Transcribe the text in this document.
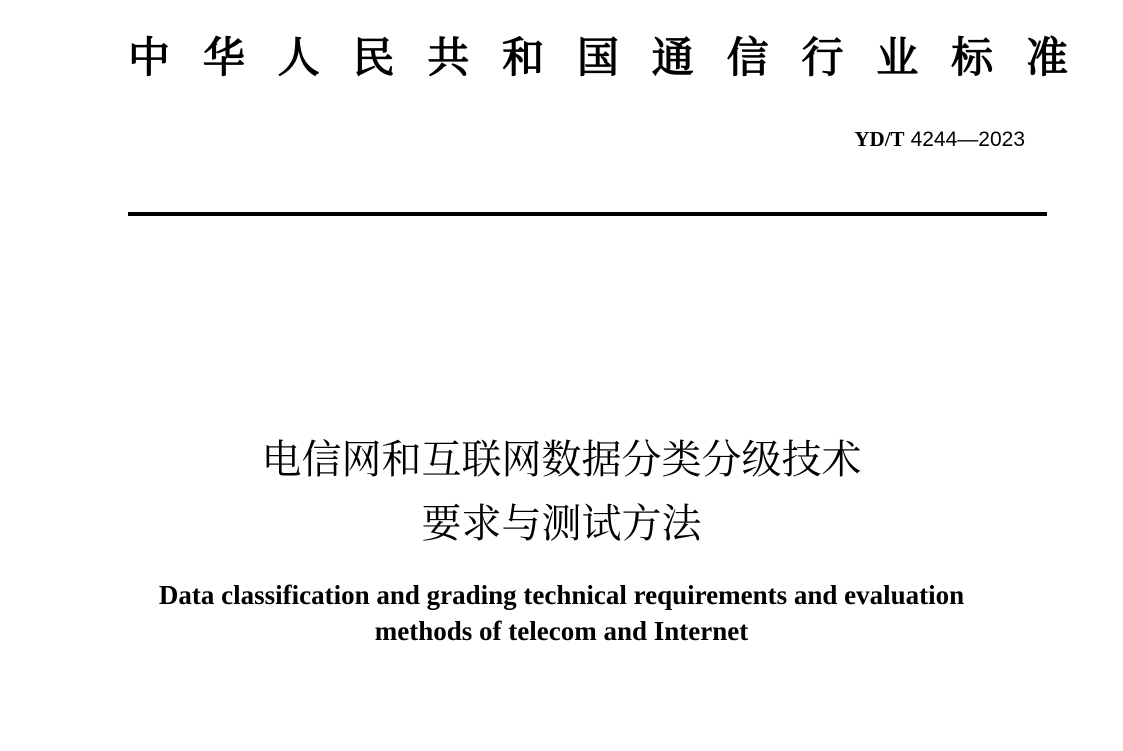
中 华 人 民 共 和 国 通 信 行 业 标 准
YD/T 4244—2023
电信网和互联网数据分类分级技术
要求与测试方法
Data classification and grading technical requirements and evaluation
methods of telecom and Internet
